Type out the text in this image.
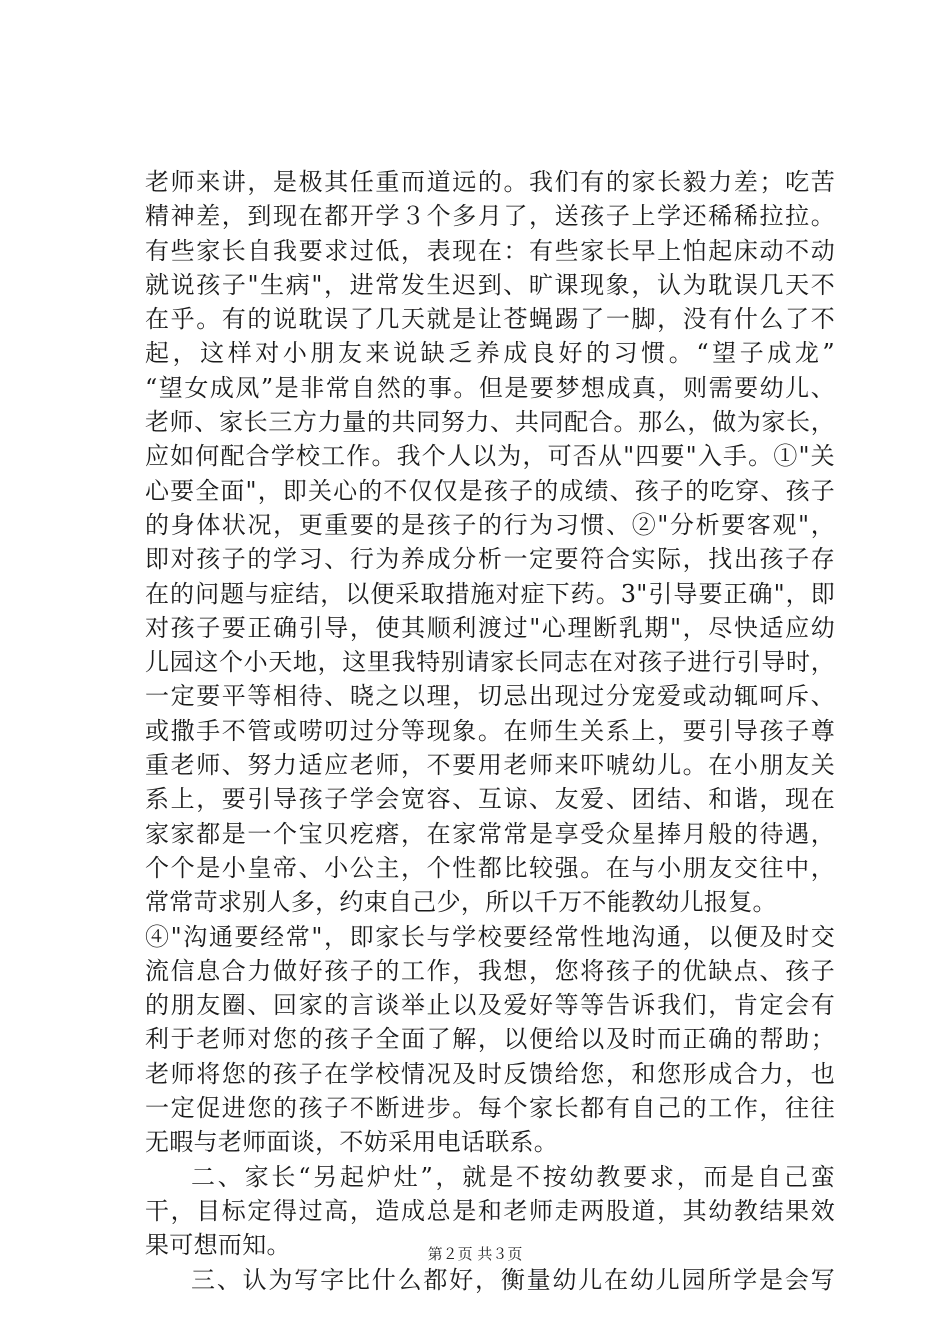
老师来讲，是极其任重而道远的。我们有的家长毅力差；吃苦
精神差，到现在都开学３个多月了，送孩子上学还稀稀拉拉。
有些家长自我要求过低，表现在：有些家长早上怕起床动不动
就说孩子"生病"，进常发生迟到、旷课现象，认为耽误几天不
在乎。有的说耽误了几天就是让苍蝇踢了一脚，没有什么了不
起，这样对小朋友来说缺乏养成良好的习惯。“望子成龙”
“望女成凤”是非常自然的事。但是要梦想成真，则需要幼儿、
老师、家长三方力量的共同努力、共同配合。那么，做为家长，
应如何配合学校工作。我个人以为，可否从"四要"入手。①"关
心要全面"，即关心的不仅仅是孩子的成绩、孩子的吃穿、孩子
的身体状况，更重要的是孩子的行为习惯、②"分析要客观"，
即对孩子的学习、行为养成分析一定要符合实际，找出孩子存
在的问题与症结，以便采取措施对症下药。3"引导要正确"，即
对孩子要正确引导，使其顺利渡过"心理断乳期"，尽快适应幼
儿园这个小天地，这里我特别请家长同志在对孩子进行引导时，
一定要平等相待、晓之以理，切忌出现过分宠爱或动辄呵斥、
或撒手不管或唠叨过分等现象。在师生关系上，要引导孩子尊
重老师、努力适应老师，不要用老师来吓唬幼儿。在小朋友关
系上，要引导孩子学会宽容、互谅、友爱、团结、和谐，现在
家家都是一个宝贝疙瘩，在家常常是享受众星捧月般的待遇，
个个是小皇帝、小公主，个性都比较强。在与小朋友交往中，
常常苛求别人多，约束自己少，所以千万不能教幼儿报复。
④"沟通要经常"，即家长与学校要经常性地沟通，以便及时交
流信息合力做好孩子的工作，我想，您将孩子的优缺点、孩子
的朋友圈、回家的言谈举止以及爱好等等告诉我们，肯定会有
利于老师对您的孩子全面了解，以便给以及时而正确的帮助；
老师将您的孩子在学校情况及时反馈给您，和您形成合力，也
一定促进您的孩子不断进步。每个家长都有自己的工作，往往
无暇与老师面谈，不妨采用电话联系。
二、家长“另起炉灶”，就是不按幼教要求，而是自己蛮
干，目标定得过高，造成总是和老师走两股道，其幼教结果效
果可想而知。
三、认为写字比什么都好，衡量幼儿在幼儿园所学是会写
第２页 共３页
